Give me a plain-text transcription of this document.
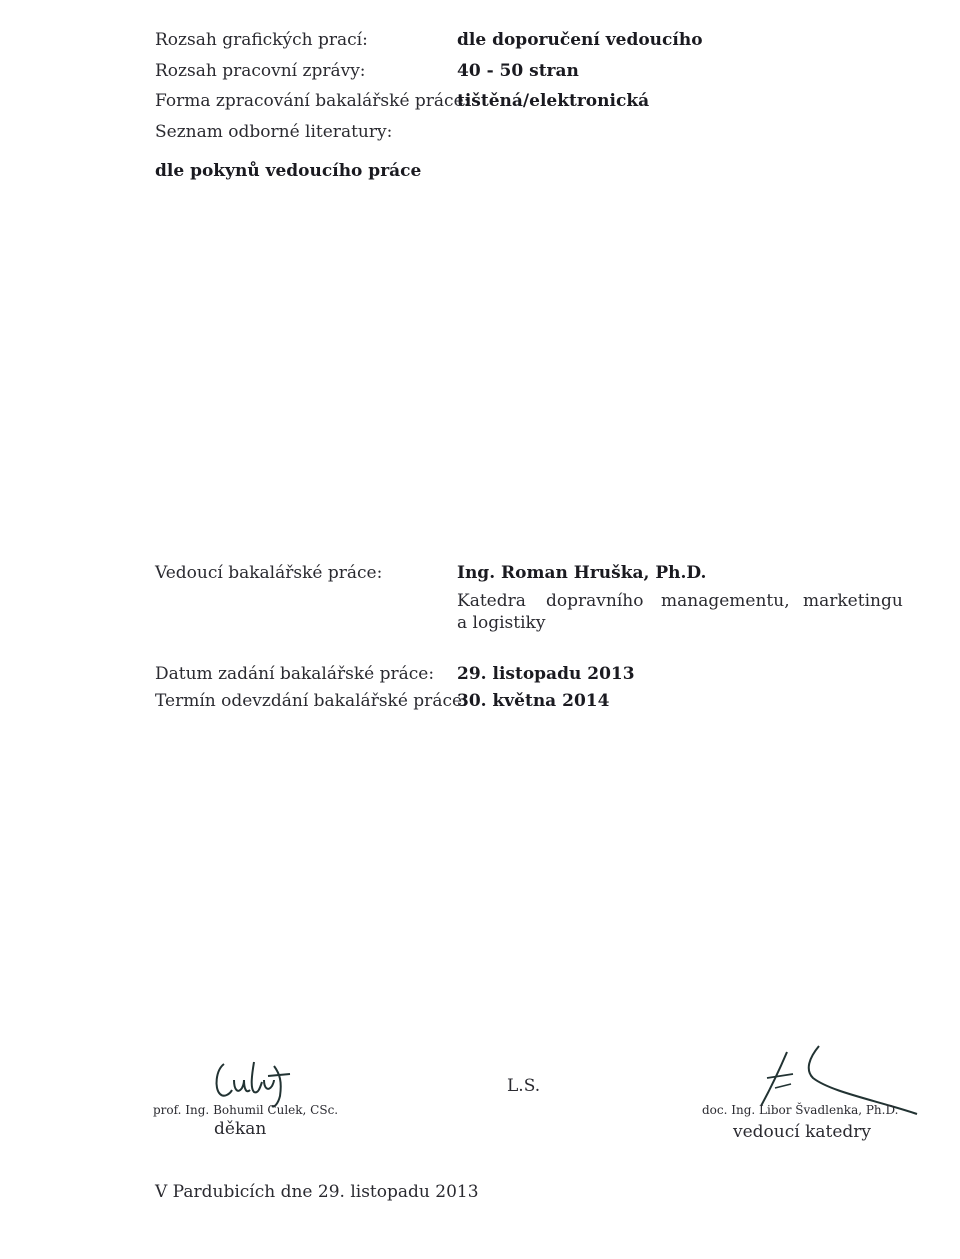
Rozsah grafických prací:	dle doporučení vedoucího
Rozsah pracovní zprávy:	40 - 50 stran
Forma zpracování bakalářské práce:
tištěná/elektronická
Seznam odborné literatury:
dle pokynů vedoucího práce
Vedoucí bakalářské práce:	Ing. Roman Hruška, Ph.D.
Katedra dopravního managementu, marketingu
a logistiky
Datum zadání bakalářské práce: 29. listopadu 2013
Termín odevzdání bakalářské práce:
30. května 2014
prof. Ing. Bohumil Culek, CSc.
děkan
L.S.
doc. Ing. Libor Švadlenka, Ph.D.
vedoucí katedry
V Pardubicích dne 29. listopadu 2013
